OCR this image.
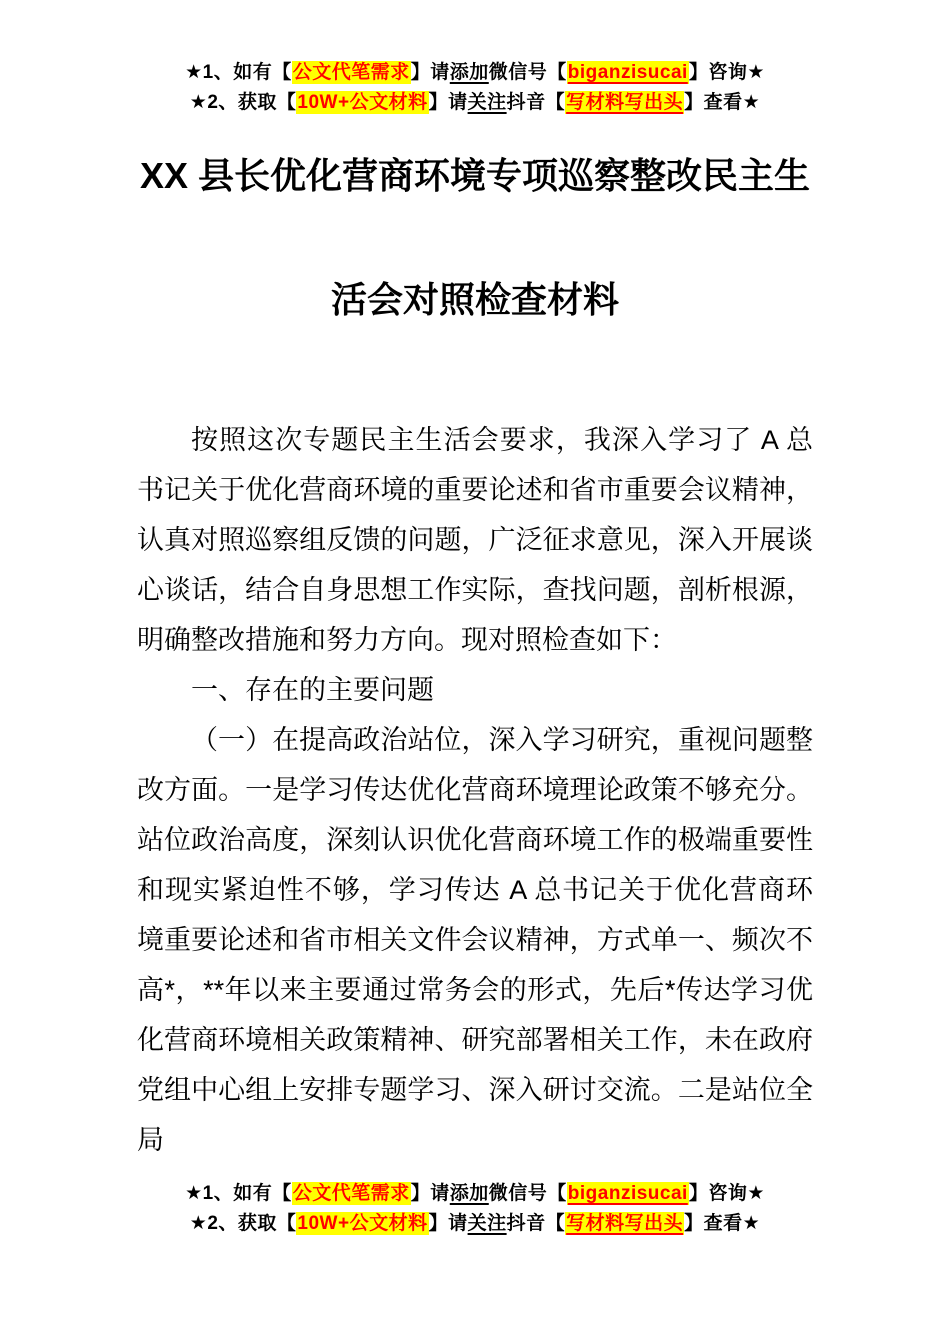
★1、如有【公文代笔需求】请添加微信号【biganzisucai】咨询★
★2、获取【10W+公文材料】请关注抖音【写材料写出头】查看★
XX 县长优化营商环境专项巡察整改民主生
活会对照检查材料

按照这次专题民主生活会要求，我深入学习了 A 总书记关于优化营商环境的重要论述和省市重要会议精神，认真对照巡察组反馈的问题，广泛征求意见，深入开展谈心谈话，结合自身思想工作实际，查找问题，剖析根源，明确整改措施和努力方向。现对照检查如下：

一、存在的主要问题

（一）在提高政治站位，深入学习研究，重视问题整改方面。一是学习传达优化营商环境理论政策不够充分。站位政治高度，深刻认识优化营商环境工作的极端重要性和现实紧迫性不够，学习传达 A 总书记关于优化营商环境重要论述和省市相关文件会议精神，方式单一、频次不高*，**年以来主要通过常务会的形式，先后*传达学习优化营商环境相关政策精神、研究部署相关工作，未在政府党组中心组上安排专题学习、深入研讨交流。二是站位全局

★1、如有【公文代笔需求】请添加微信号【biganzisucai】咨询★
★2、获取【10W+公文材料】请关注抖音【写材料写出头】查看★
